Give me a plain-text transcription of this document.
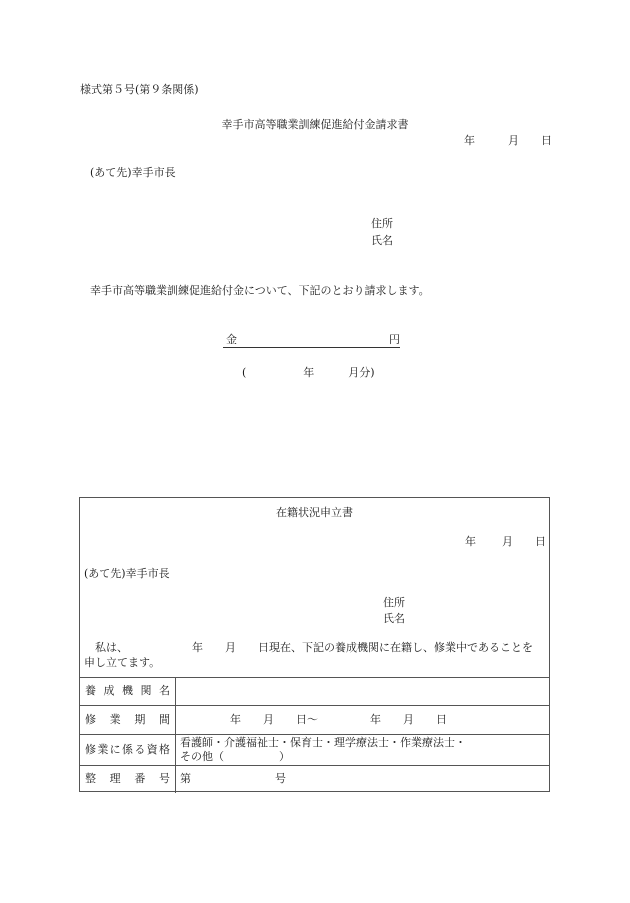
様式第５号(第９条関係)
幸手市高等職業訓練促進給付金請求書
年	月 日
(あて先)幸手市長
住所
氏名
幸手市高等職業訓練促進給付金について、下記のとおり請求します。
金	円
(	年	月分)
在籍状況申立書
年 月 日
(あて先)幸手市長
住所
氏名
私は、	年 月 日現在、下記の養成機関に在籍し、修業中であることを
申し立てます。
養成機関名	
修業期間	年 月 日～ 年 月 日
修業に係る資格	看護師・介護福祉士・保育士・理学療法士・作業療法士・
その他（　　　　　）

整理番号	第 号
